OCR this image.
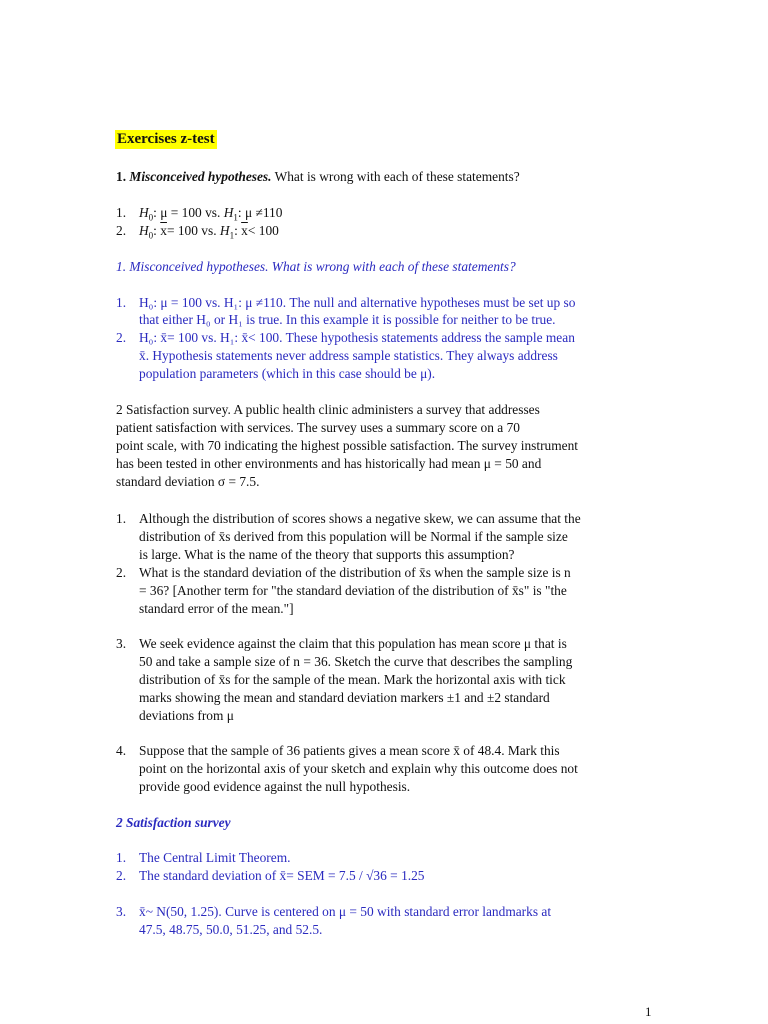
Exercises z-test
1. Misconceived hypotheses. What is wrong with each of these statements?
1. $H_0$: μ = 100 vs. $H_1$: μ ≠110
2. $H_0$: $\overline{x}= 100$ vs. $H_1$: $\overline{x}< 100$
1. Misconceived hypotheses. What is wrong with each of these statements?
1. H₀: μ = 100 vs. H₁: μ ≠110. The null and alternative hypotheses must be set up so
that either H₀ or H₁ is true. In this example it is possible for neither to be true.
2. H₀: x̄= 100 vs. H₁: x̄< 100. These hypothesis statements address the sample mean
x̄. Hypothesis statements never address sample statistics. They always address
population parameters (which in this case should be μ).
2 Satisfaction survey. A public health clinic administers a survey that addresses
patient satisfaction with services. The survey uses a summary score on a 70
point scale, with 70 indicating the highest possible satisfaction. The survey instrument
has been tested in other environments and has historically had mean μ = 50 and
standard deviation σ = 7.5.
1. Although the distribution of scores shows a negative skew, we can assume that the
distribution of x̄s derived from this population will be Normal if the sample size
is large. What is the name of the theory that supports this assumption?
2. What is the standard deviation of the distribution of x̄s when the sample size is n
= 36? [Another term for "the standard deviation of the distribution of x̄s" is "the
standard error of the mean."]
3. We seek evidence against the claim that this population has mean score μ that is
50 and take a sample size of n = 36. Sketch the curve that describes the sampling
distribution of x̄s for the sample of the mean. Mark the horizontal axis with tick
marks showing the mean and standard deviation markers ±1 and ±2 standard
deviations from μ
4. Suppose that the sample of 36 patients gives a mean score x̄ of 48.4. Mark this
point on the horizontal axis of your sketch and explain why this outcome does not
provide good evidence against the null hypothesis.
2 Satisfaction survey
1. The Central Limit Theorem.
2. The standard deviation of x̄= SEM = 7.5 / √36 = 1.25
3. x̄~ N(50, 1.25). Curve is centered on μ = 50 with standard error landmarks at
47.5, 48.75, 50.0, 51.25, and 52.5.
1
